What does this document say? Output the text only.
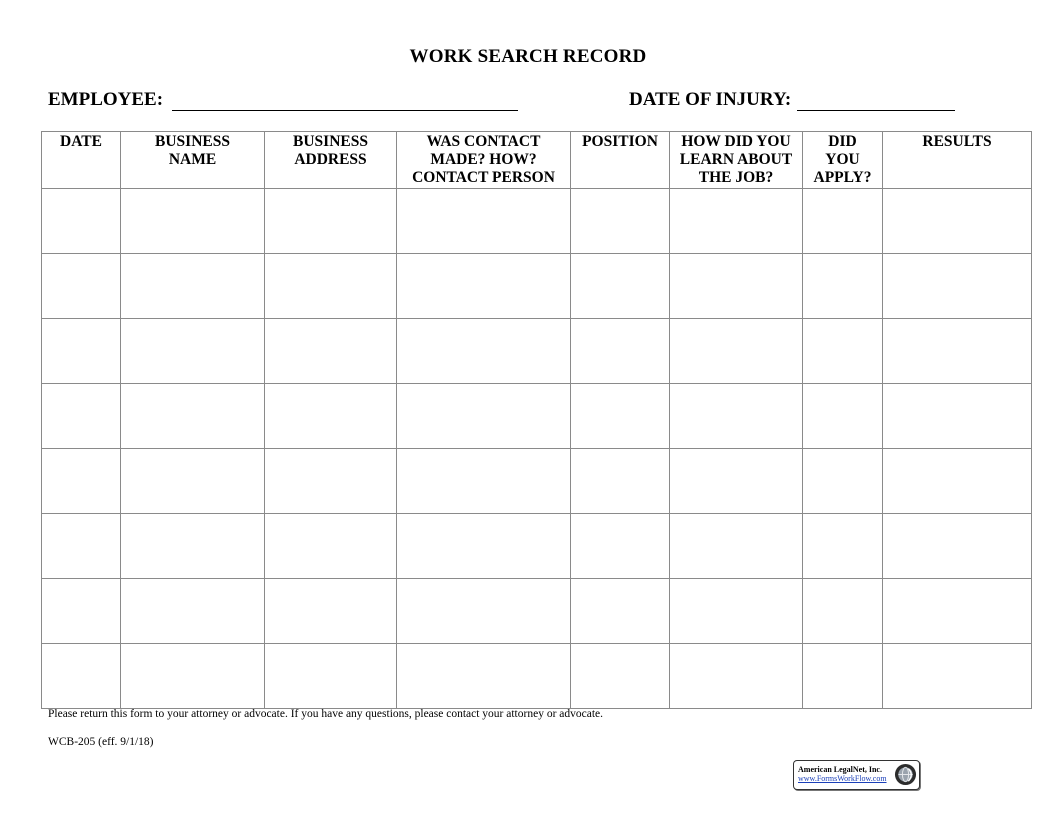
WORK SEARCH RECORD
EMPLOYEE:	DATE OF INJURY:
DATE	BUSINESS NAME	BUSINESS ADDRESS	WAS CONTACT MADE? HOW? CONTACT PERSON	POSITION	HOW DID YOU LEARN ABOUT THE JOB?	DID YOU APPLY?	RESULTS

Please return this form to your attorney or advocate. If you have any questions, please contact your attorney or advocate.
WCB-205 (eff. 9/1/18)
American LegalNet, Inc.
www.FormsWorkFlow.com
